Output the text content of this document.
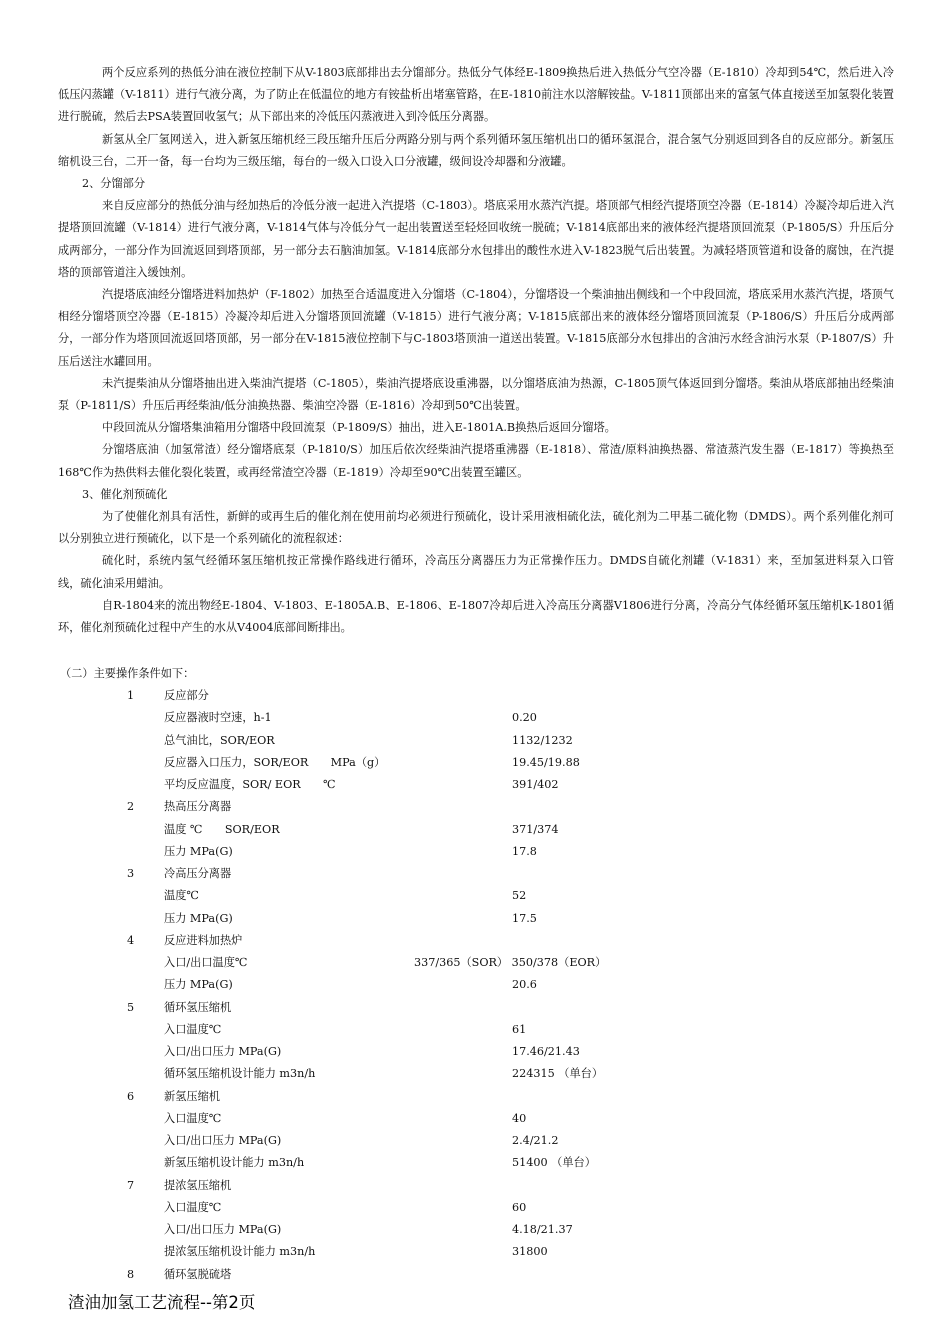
两个反应系列的热低分油在液位控制下从V-1803底部排出去分馏部分。热低分气体经E-1809换热后进入热低分气空冷器（E-1810）冷却到54℃，然后进入冷低压闪蒸罐（V-1811）进行气液分离，为了防止在低温位的地方有铵盐析出堵塞管路，在E-1810前注水以溶解铵盐。V-1811顶部出来的富氢气体直接送至加氢裂化装置进行脱硫，然后去PSA装置回收氢气；从下部出来的冷低压闪蒸液进入到冷低压分离器。

新氢从全厂氢网送入，进入新氢压缩机经三段压缩升压后分两路分别与两个系列循环氢压缩机出口的循环氢混合，混合氢气分别返回到各自的反应部分。新氢压缩机设三台，二开一备，每一台均为三级压缩，每台的一级入口设入口分液罐，级间设冷却器和分液罐。

2、分馏部分

来自反应部分的热低分油与经加热后的冷低分液一起进入汽提塔（C-1803）。塔底采用水蒸汽汽提。塔顶部气相经汽提塔顶空冷器（E-1814）冷凝冷却后进入汽提塔顶回流罐（V-1814）进行气液分离，V-1814气体与冷低分气一起出装置送至轻烃回收统一脱硫；V-1814底部出来的液体经汽提塔顶回流泵（P-1805/S）升压后分成两部分，一部分作为回流返回到塔顶部，另一部分去石脑油加氢。V-1814底部分水包排出的酸性水进入V-1823脱气后出装置。为减轻塔顶管道和设备的腐蚀，在汽提塔的顶部管道注入缓蚀剂。

汽提塔底油经分馏塔进料加热炉（F-1802）加热至合适温度进入分馏塔（C-1804），分馏塔设一个柴油抽出侧线和一个中段回流，塔底采用水蒸汽汽提，塔顶气相经分馏塔顶空冷器（E-1815）冷凝冷却后进入分馏塔顶回流罐（V-1815）进行气液分离；V-1815底部出来的液体经分馏塔顶回流泵（P-1806/S）升压后分成两部分，一部分作为塔顶回流返回塔顶部，另一部分在V-1815液位控制下与C-1803塔顶油一道送出装置。V-1815底部分水包排出的含油污水经含油污水泵（P-1807/S）升压后送注水罐回用。

未汽提柴油从分馏塔抽出进入柴油汽提塔（C-1805），柴油汽提塔底设重沸器，以分馏塔底油为热源，C-1805顶气体返回到分馏塔。柴油从塔底部抽出经柴油泵（P-1811/S）升压后再经柴油/低分油换热器、柴油空冷器（E-1816）冷却到50℃出装置。

中段回流从分馏塔集油箱用分馏塔中段回流泵（P-1809/S）抽出，进入E-1801A.B换热后返回分馏塔。

分馏塔底油（加氢常渣）经分馏塔底泵（P-1810/S）加压后依次经柴油汽提塔重沸器（E-1818）、常渣/原料油换热器、常渣蒸汽发生器（E-1817）等换热至168℃作为热供料去催化裂化装置，或再经常渣空冷器（E-1819）冷却至90℃出装置至罐区。

3、催化剂预硫化

为了使催化剂具有活性，新鲜的或再生后的催化剂在使用前均必须进行预硫化，设计采用液相硫化法，硫化剂为二甲基二硫化物（DMDS）。两个系列催化剂可以分别独立进行预硫化，以下是一个系列硫化的流程叙述：

硫化时，系统内氢气经循环氢压缩机按正常操作路线进行循环，冷高压分离器压力为正常操作压力。DMDS自硫化剂罐（V-1831）来，至加氢进料泵入口管线，硫化油采用蜡油。

自R-1804来的流出物经E-1804、V-1803、E-1805A.B、E-1806、E-1807冷却后进入冷高压分离器V1806进行分离，冷高分气体经循环氢压缩机K-1801循环，催化剂预硫化过程中产生的水从V4004底部间断排出。

（二）主要操作条件如下：
1	反应部分
反应器液时空速，h-1	0.20
总气油比，SOR/EOR	1132/1232
反应器入口压力，SOR/EOR　　MPa（g）	19.45/19.88
平均反应温度，SOR/ EOR　　℃	391/402
2	热高压分离器
温度 ℃　　SOR/EOR	371/374
压力 MPa(G)	17.8
3	冷高压分离器
温度℃	52
压力 MPa(G)	17.5
4	反应进料加热炉
入口/出口温度℃	337/365（SOR） 350/378（EOR）
压力 MPa(G)	20.6
5	循环氢压缩机
入口温度℃	61
入口/出口压力 MPa(G)	17.46/21.43
循环氢压缩机设计能力 m3n/h	224315 （单台）
6	新氢压缩机
入口温度℃	40
入口/出口压力 MPa(G)	2.4/21.2
新氢压缩机设计能力 m3n/h	51400 （单台）
7	提浓氢压缩机
入口温度℃	60
入口/出口压力 MPa(G)	4.18/21.37
提浓氢压缩机设计能力 m3n/h	31800
8	循环氢脱硫塔
渣油加氢工艺流程--第2页
